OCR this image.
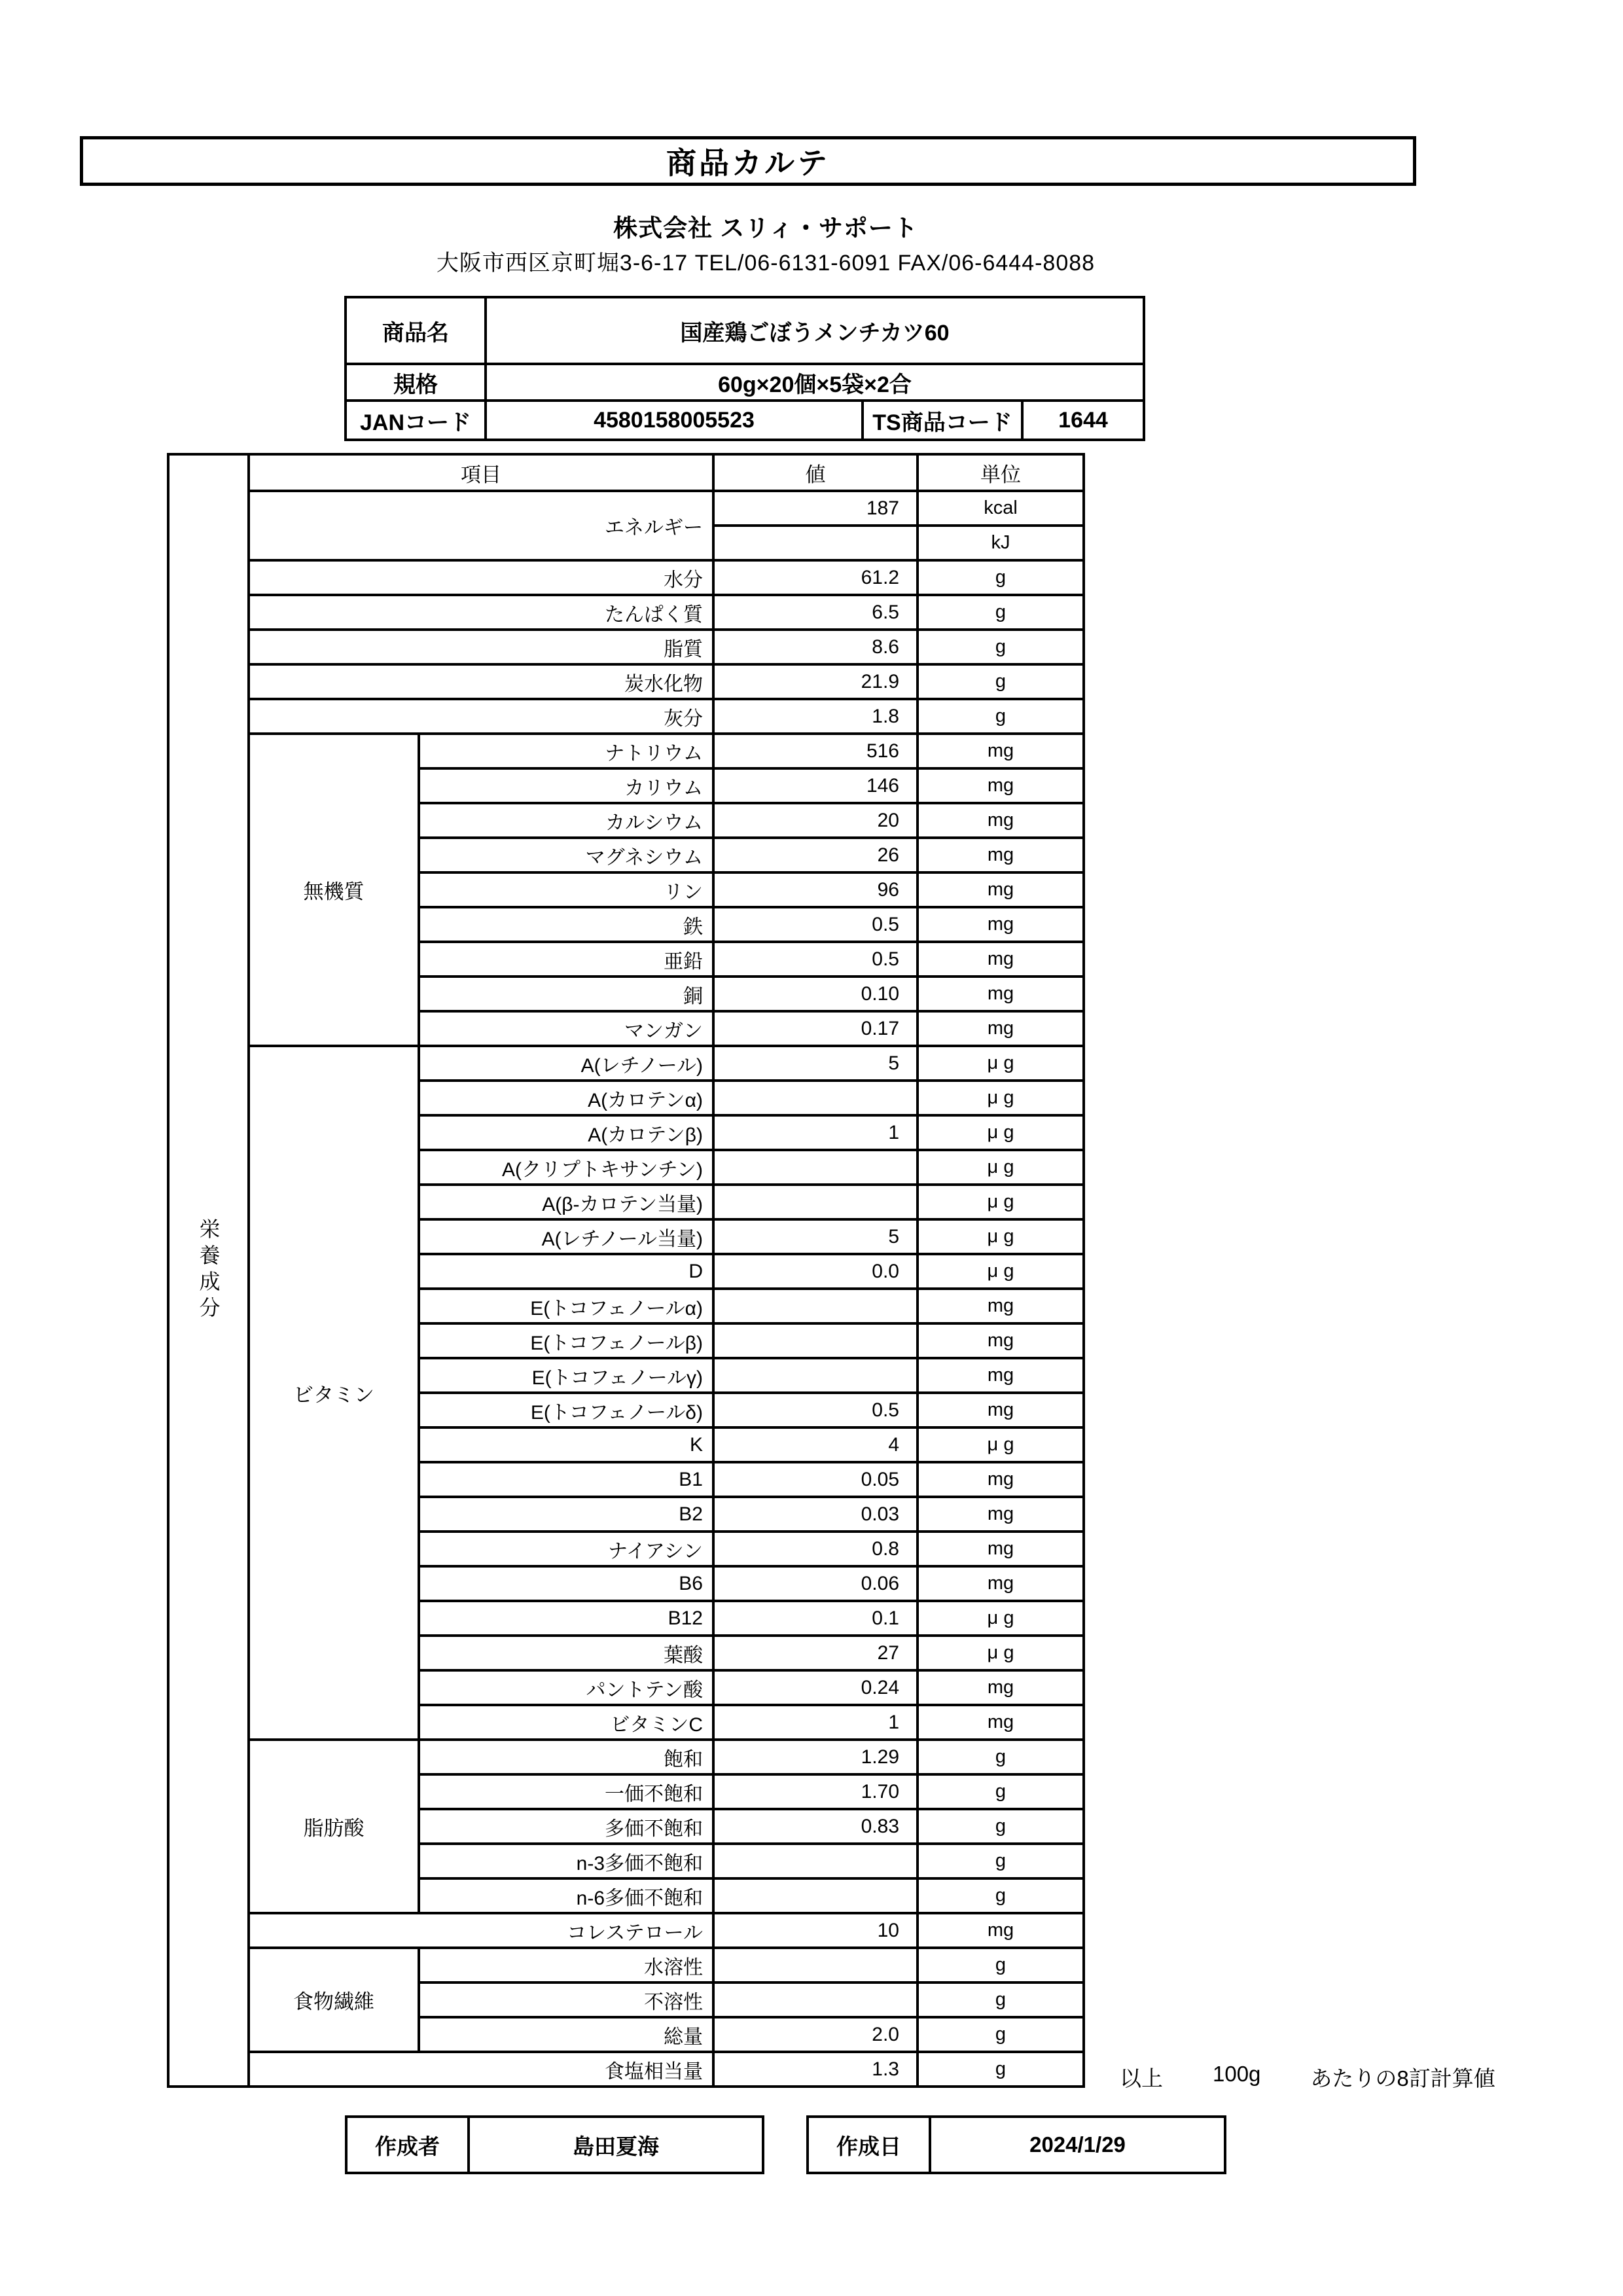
商品カルテ
株式会社 スリィ・サポート
大阪市西区京町堀3-6-17 TEL/06-6131-6091 FAX/06-6444-8088
商品名	国産鶏ごぼうメンチカツ60		
規格	60g×20個×5袋×2合		
JANコード	4580158005523	TS商品コード	1644
栄養成分	項目		値	単位
	エネルギー		187	kcal
				kJ
	水分		61.2	g
	たんぱく質		6.5	g
	脂質		8.6	g
	炭水化物		21.9	g
	灰分		1.8	g
	無機質	ナトリウム	516	mg
		カリウム	146	mg
		カルシウム	20	mg
		マグネシウム	26	mg
		リン	96	mg
		鉄	0.5	mg
		亜鉛	0.5	mg
		銅	0.10	mg
		マンガン	0.17	mg
	ビタミン	A(レチノール)	5	μ g
		A(カロテンα)		μ g
		A(カロテンβ)	1	μ g
		A(クリプトキサンチン)		μ g
		A(β-カロテン当量)		μ g
		A(レチノール当量)	5	μ g
		D	0.0	μ g
		E(トコフェノールα)		mg
		E(トコフェノールβ)		mg
		E(トコフェノールγ)		mg
		E(トコフェノールδ)	0.5	mg
		K	4	μ g
		B1	0.05	mg
		B2	0.03	mg
		ナイアシン	0.8	mg
		B6	0.06	mg
		B12	0.1	μ g
		葉酸	27	μ g
		パントテン酸	0.24	mg
		ビタミンC	1	mg
	脂肪酸	飽和	1.29	g
		一価不飽和	1.70	g
		多価不飽和	0.83	g
		n-3多価不飽和		g
		n-6多価不飽和		g
	コレステロール		10	mg
	食物繊維	水溶性		g
		不溶性		g
		総量	2.0	g
	食塩相当量		1.3	g	以上 100g あたりの8訂計算値
作成者	島田夏海	作成日	2024/1/29
